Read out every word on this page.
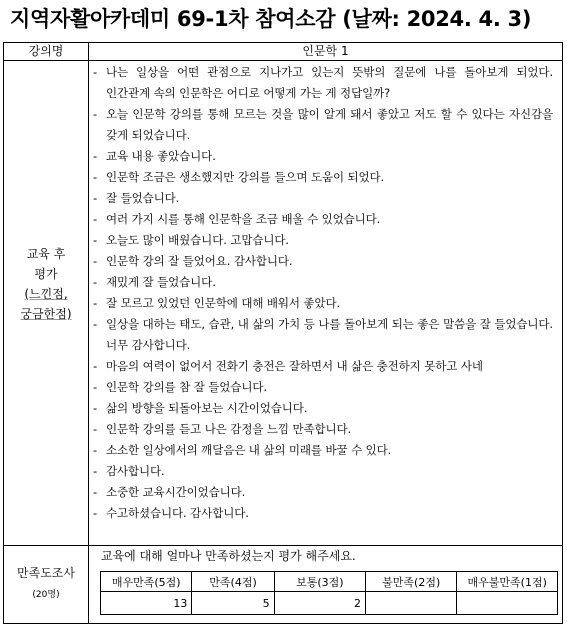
지역자활아카데미 69-1차 참여소감 (날짜: 2024. 4. 3)
강의명	인문학 1
교육 후
평가
(느낀점,
궁금한점)
- 나는 일상을 어떤 관점으로 지나가고 있는지 뜻밖의 질문에 나를 돌아보게 되었다. 인간관계 속의 인문학은 어디로 어떻게 가는 게 정답일까?
- 오늘 인문학 강의를 통해 모르는 것을 많이 알게 돼서 좋았고 저도 할 수 있다는 자신감을 갖게 되었습니다.
- 교육 내용 좋았습니다.
- 인문학 조금은 생소했지만 강의를 들으며 도움이 되었다.
- 잘 들었습니다.
- 여러 가지 시를 통해 인문학을 조금 배울 수 있었습니다.
- 오늘도 많이 배웠습니다. 고맙습니다.
- 인문학 강의 잘 들었어요. 감사합니다.
- 재밌게 잘 들었습니다.
- 잘 모르고 있었던 인문학에 대해 배워서 좋았다.
- 일상을 대하는 태도, 습관, 내 삶의 가치 등 나를 돌아보게 되는 좋은 말씀을 잘 들었습니다. 너무 감사합니다.
- 마음의 여력이 없어서 전화기 충전은 잘하면서 내 삶은 충전하지 못하고 사네
- 인문학 강의를 참 잘 들었습니다.
- 삶의 방향을 되돌아보는 시간이었습니다.
- 인문학 강의를 듣고 나은 감정을 느낌 만족합니다.
- 소소한 일상에서의 깨달음은 내 삶의 미래를 바꿀 수 있다.
- 감사합니다.
- 소중한 교육시간이었습니다.
- 수고하셨습니다. 감사합니다.
만족도조사
(20명)
교육에 대해 얼마나 만족하셨는지 평가 해주세요.
매우만족(5점)	만족(4점)	보통(3점)	불만족(2점)	매우불만족(1점)
13	5	2		
